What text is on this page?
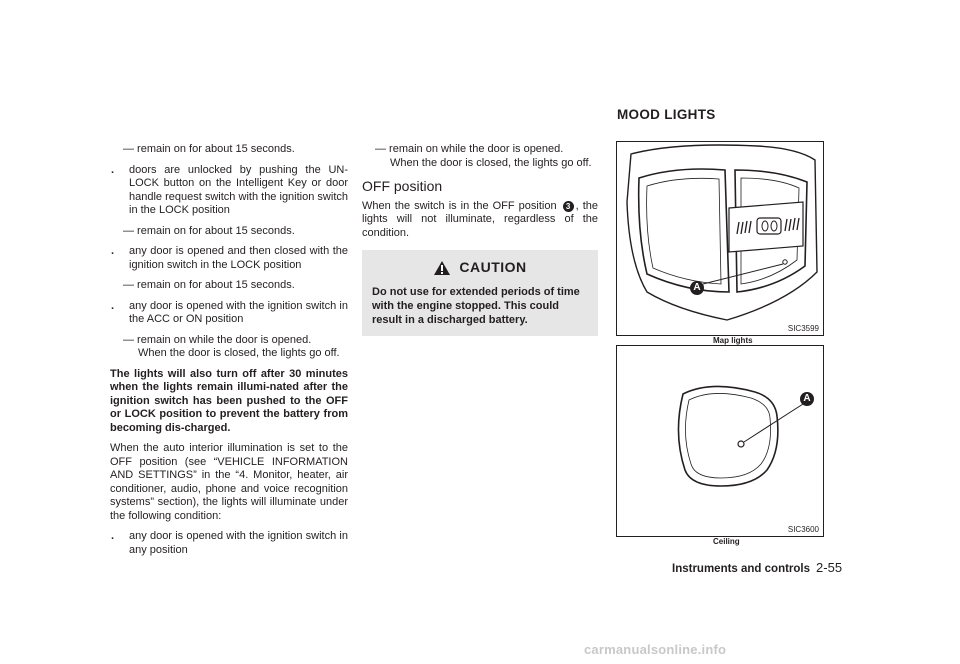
— remain on for about 15 seconds.
. doors are unlocked by pushing the UN-LOCK button on the Intelligent Key or door handle request switch with the ignition switch in the LOCK position
— remain on for about 15 seconds.
. any door is opened and then closed with the ignition switch in the LOCK position
— remain on for about 15 seconds.
. any door is opened with the ignition switch in the ACC or ON position
— remain on while the door is opened.
When the door is closed, the lights go off.
The lights will also turn off after 30 minutes when the lights remain illumi-nated after the ignition switch has been pushed to the OFF or LOCK position to prevent the battery from becoming dis-charged.
When the auto interior illumination is set to the OFF position (see “VEHICLE INFORMATION AND SETTINGS” in the “4. Monitor, heater, air conditioner, audio, phone and voice recognition systems” section), the lights will illuminate under the following condition:
. any door is opened with the ignition switch in any position
— remain on while the door is opened.
When the door is closed, the lights go off.
OFF position
When the switch is in the OFF position 3 , the lights will not illuminate, regardless of the condition.
CAUTION
Do not use for extended periods of time with the engine stopped. This could result in a discharged battery.
MOOD LIGHTS
A
SIC3599
Map lights
A
SIC3600
Ceiling
Instruments and controls 2-55
carmanualsonline.info
